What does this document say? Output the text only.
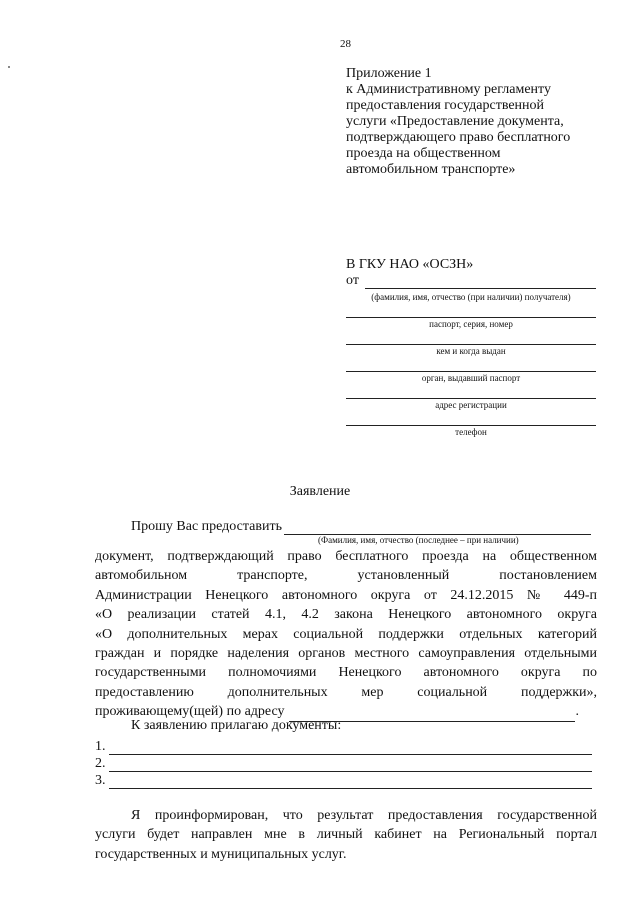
28
Приложение 1
к Административному регламенту
предоставления государственной
услуги «Предоставление документа,
подтверждающего право бесплатного
проезда на общественном
автомобильном транспорте»
В ГКУ НАО «ОСЗН»
от
(фамилия, имя, отчество (при наличии) получателя)
паспорт, серия, номер
кем и когда выдан
орган, выдавший паспорт
адрес регистрации
телефон
Заявление
Прошу Вас предоставить
(Фамилия, имя, отчество (последнее – при наличии)
документ, подтверждающий право бесплатного проезда на общественном
автомобильном транспорте, установленный постановлением
Администрации Ненецкого автономного округа от 24.12.2015 № 449-п
«О реализации статей 4.1, 4.2 закона Ненецкого автономного округа
«О дополнительных мерах социальной поддержки отдельных категорий
граждан и порядке наделения органов местного самоуправления отдельными
государственными полномочиями Ненецкого автономного округа по
предоставлению дополнительных мер социальной поддержки»,
проживающему(щей) по адресу	.
К заявлению прилагаю документы:
1.
2.
3.
Я проинформирован, что результат предоставления государственной
услуги будет направлен мне в личный кабинет на Региональный портал
государственных и муниципальных услуг.
